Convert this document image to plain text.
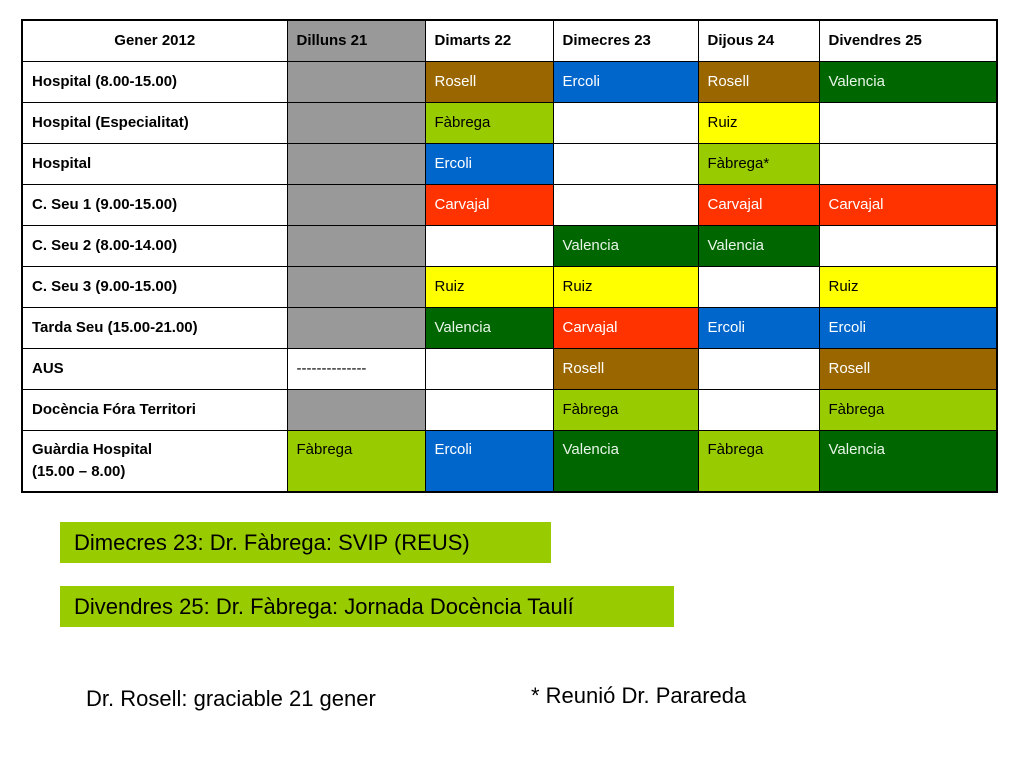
Gener 2012	Dilluns 21	Dimarts 22	Dimecres 23	Dijous 24	Divendres 25
Hospital (8.00-15.00)		Rosell	Ercoli	Rosell	Valencia
Hospital (Especialitat)		Fàbrega		Ruiz	
Hospital		Ercoli		Fàbrega*	
C. Seu 1 (9.00-15.00)		Carvajal		Carvajal	Carvajal
C. Seu 2 (8.00-14.00)			Valencia	Valencia	
C. Seu 3 (9.00-15.00)		Ruiz	Ruiz		Ruiz
Tarda Seu (15.00-21.00)		Valencia	Carvajal	Ercoli	Ercoli
AUS	--------------		Rosell		Rosell
Docència Fóra Territori			Fàbrega		Fàbrega
Guàrdia Hospital
(15.00 – 8.00)	Fàbrega	Ercoli	Valencia	Fàbrega	Valencia
Dimecres 23: Dr. Fàbrega: SVIP (REUS)
Divendres 25: Dr. Fàbrega: Jornada Docència Taulí
Dr. Rosell: graciable 21 gener	* Reunió Dr. Parareda
